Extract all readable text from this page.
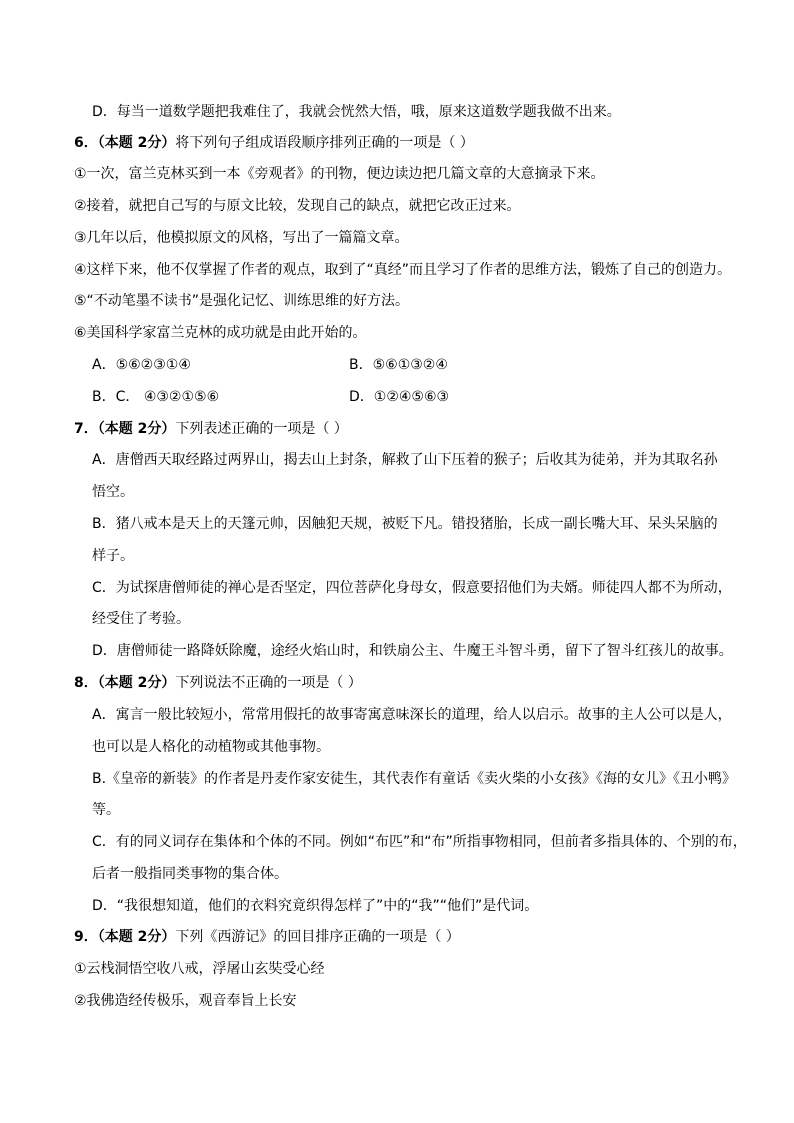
D．每当一道数学题把我难住了，我就会恍然大悟，哦，原来这道数学题我做不出来。
6．（本题 2分）将下列句子组成语段顺序排列正确的一项是（ ）
①一次，富兰克林买到一本《旁观者》的刊物，便边读边把几篇文章的大意摘录下来。
②接着，就把自己写的与原文比较，发现自己的缺点，就把它改正过来。
③几年以后，他模拟原文的风格，写出了一篇篇文章。
④这样下来，他不仅掌握了作者的观点，取到了“真经”而且学习了作者的思维方法，锻炼了自己的创造力。
⑤“不动笔墨不读书”是强化记忆、训练思维的好方法。
⑥美国科学家富兰克林的成功就是由此开始的。
A．⑤⑥②③①④	B．⑤⑥①③②④
B．C． ④③②①⑤⑥	D．①②④⑤⑥③
7．（本题 2分）下列表述正确的一项是（ ）
A．唐僧西天取经路过两界山，揭去山上封条，解救了山下压着的猴子；后收其为徒弟，并为其取名孙
悟空。
B．猪八戒本是天上的天篷元帅，因触犯天规，被贬下凡。错投猪胎，长成一副长嘴大耳、呆头呆脑的
样子。
C．为试探唐僧师徒的禅心是否坚定，四位菩萨化身母女，假意要招他们为夫婿。师徒四人都不为所动，
经受住了考验。
D．唐僧师徒一路降妖除魔，途经火焰山时，和铁扇公主、牛魔王斗智斗勇，留下了智斗红孩儿的故事。
8．（本题 2分）下列说法不正确的一项是（ ）
A．寓言一般比较短小，常常用假托的故事寄寓意味深长的道理，给人以启示。故事的主人公可以是人，
也可以是人格化的动植物或其他事物。
B.《皇帝的新装》的作者是丹麦作家安徒生，其代表作有童话《卖火柴的小女孩》《海的女儿》《丑小鸭》
等。
C．有的同义词存在集体和个体的不同。例如“布匹”和“布”所指事物相同，但前者多指具体的、个别的布，
后者一般指同类事物的集合体。
D．“我很想知道，他们的衣料究竟织得怎样了”中的“我”“他们”是代词。
9．（本题 2分）下列《西游记》的回目排序正确的一项是（ ）
①云栈洞悟空收八戒，浮屠山玄奘受心经
②我佛造经传极乐，观音奉旨上长安
